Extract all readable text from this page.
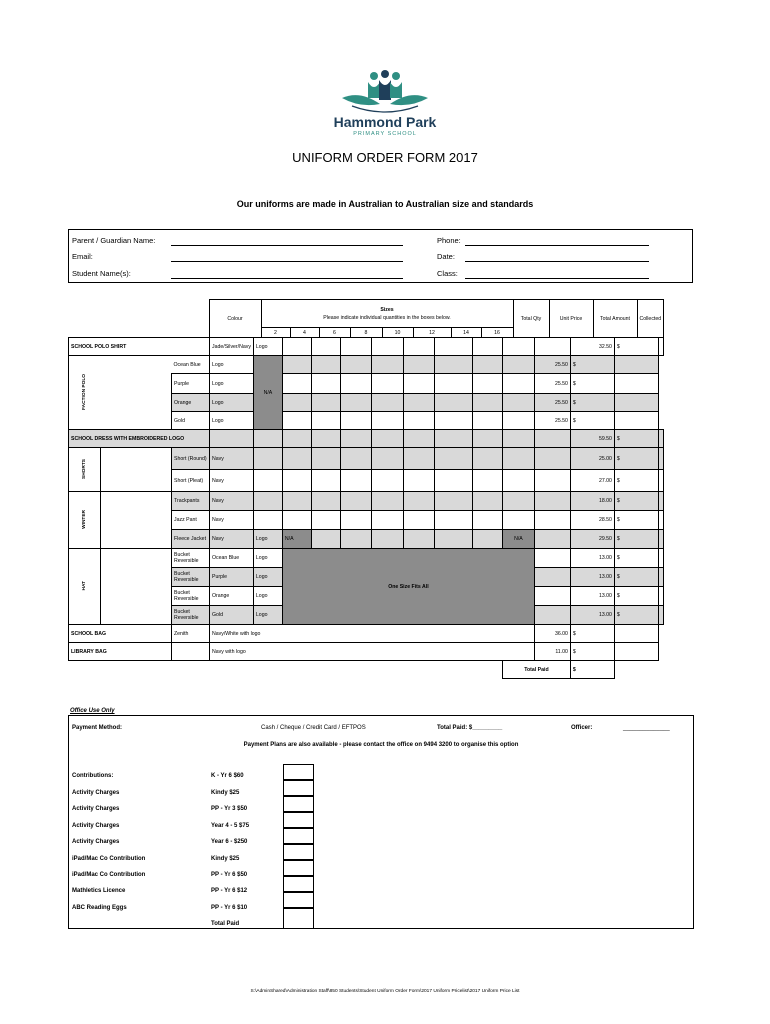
Hammond Park
PRIMARY SCHOOL
UNIFORM ORDER FORM 2017
Our uniforms are made in Australian to Australian size and standards
Parent / Guardian Name:
Email:
Student Name(s):
Phone:
Date:
Class:
	Colour	Sizes
Please indicate individual quantities in the boxes below.								Total Qty	Unit Price	Total Amount	Collected
		2	4	6	8	10	12	14	16				
SCHOOL POLO SHIRT			Jade/Silver/Navy	Logo										32.50	$	
FACTION POLO		Ocean Blue	Logo	N/A									25.50	$		
		Purple	Logo										25.50	$		
		Orange	Logo										25.50	$		
		Gold	Logo										25.50	$		
SCHOOL DRESS WITH EMBROIDERED LOGO														59.50	$	
SHORTS		Short (Round)	Navy											25.00	$	
		Short (Pleat)	Navy											27.00	$	
WINTER		Trackpants	Navy											18.00	$	
		Jazz Pant	Navy											28.50	$	
		Fleece Jacket	Navy	Logo	N/A							N/A		29.50	$	
HAT		Bucket Reversible	Ocean Blue	Logo	One Size Fits All									13.00	$	
		Bucket Reversible	Purple	Logo										13.00	$	
		Bucket Reversible	Orange	Logo										13.00	$	
		Bucket Reversible	Gold	Logo										13.00	$	
SCHOOL BAG		Zenith	Navy/White with logo										36.00	$		
LIBRARY BAG			Navy with logo										11.00	$		
												Total Paid		$		
Office Use Only
Payment Method:	Cash / Cheque / Credit Card / EFTPOS	Total Paid: $_________	Officer:	______________
Payment Plans are also available - please contact the office on 9494 3200 to organise this option
Contributions:	K - Yr 6 $60
Activity Charges	Kindy $25
Activity Charges	PP - Yr 3 $50
Activity Charges	Year 4 - 5 $75
Activity Charges	Year 6 - $250
iPad/Mac Co Contribution	Kindy $25
iPad/Mac Co Contribution	PP - Yr 6 $50
Mathletics Licence	PP - Yr 6 $12
ABC Reading Eggs	PP - Yr 6 $10
Total Paid
S:\AdminShared\Administration Staff\850 Students\Student Uniform Order Form\2017 Uniform Pricelist\2017 Uniform Price List
